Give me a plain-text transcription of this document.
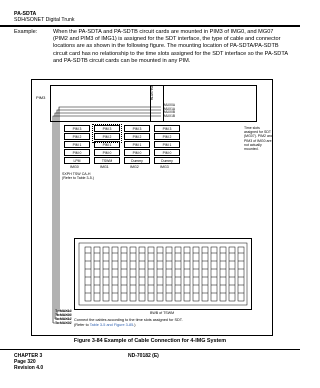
PA-SDTA
SDH/SONET Digital Trunk
Example:	When the PA-SDTA and PA-SDTB circuit cards are mounted in PIM3 of IMG0, and MG07 (PIM2 and PIM3 of IMG1) is assigned for the SDT interface, the type of cable and connector locations are as shown in the following figure. The mounting location of PA-SDTA/PA-SDTB circuit card has no relationship to the time slots assigned for the SDT interface so the PA-SDTA and PA-SDTB circuit cards can be mounted in any PIM.
PIM3	PA-SDTA
MUX0A
MUX1A
MUX0B
MUX1B
PIM 3
PIM 2
PIM 1
PIM 0
LPM
IMG0
PIM 3
PIM 2
PIM 1
PIM 0
TSWM
IMG1
PIM 3
PIM 2
PIM 1
PIM 0
Dummy
IMG2
PIM 3
PIM 2
PIM 1
PIM 0
Dummy
IMG3
Time slots assigned for SDT (MG07). PIM2 and PIM3 of IMG0 are not actually mounted.
SXPH TSW CA-H
(Refer to Table 3-5.)
To MUX10
To MUX00
To MUX12
To MUX02
BWB of TSWM
Connect the cables according to the time slots assigned for SDT.
(Refer to Table 3-5 and Figure 3-85.)
Figure 3-84 Example of Cable Connection for 4-IMG System
CHAPTER 3
Page 320
Revision 4.0
ND-70182 (E)
